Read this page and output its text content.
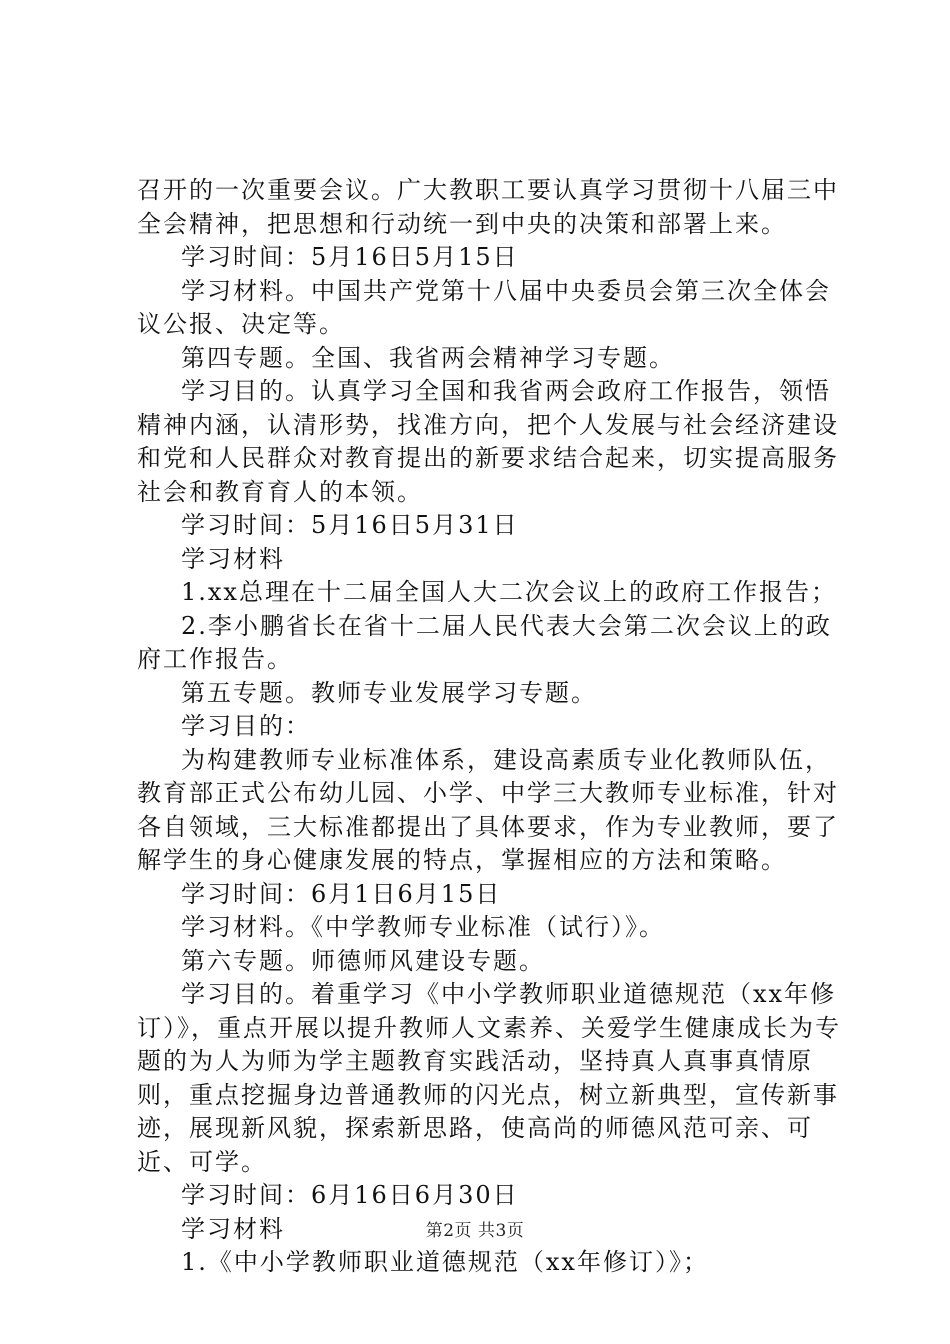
召开的一次重要会议。广大教职工要认真学习贯彻十八届三中全会精神，把思想和行动统一到中央的决策和部署上来。

学习时间：5月16日5月15日

学习材料。中国共产党第十八届中央委员会第三次全体会议公报、决定等。

第四专题。全国、我省两会精神学习专题。

学习目的。认真学习全国和我省两会政府工作报告，领悟精神内涵，认清形势，找准方向，把个人发展与社会经济建设和党和人民群众对教育提出的新要求结合起来，切实提高服务社会和教育育人的本领。

学习时间：5月16日5月31日

学习材料

1.xx总理在十二届全国人大二次会议上的政府工作报告；

2.李小鹏省长在省十二届人民代表大会第二次会议上的政府工作报告。

第五专题。教师专业发展学习专题。

学习目的：

为构建教师专业标准体系，建设高素质专业化教师队伍，教育部正式公布幼儿园、小学、中学三大教师专业标准，针对各自领域，三大标准都提出了具体要求，作为专业教师，要了解学生的身心健康发展的特点，掌握相应的方法和策略。

学习时间：6月1日6月15日

学习材料。《中学教师专业标准（试行）》。

第六专题。师德师风建设专题。

学习目的。着重学习《中小学教师职业道德规范（xx年修订）》，重点开展以提升教师人文素养、关爱学生健康成长为专题的为人为师为学主题教育实践活动，坚持真人真事真情原则，重点挖掘身边普通教师的闪光点，树立新典型，宣传新事迹，展现新风貌，探索新思路，使高尚的师德风范可亲、可近、可学。

学习时间：6月16日6月30日

学习材料

1.《中小学教师职业道德规范（xx年修订）》；

第2页 共3页
